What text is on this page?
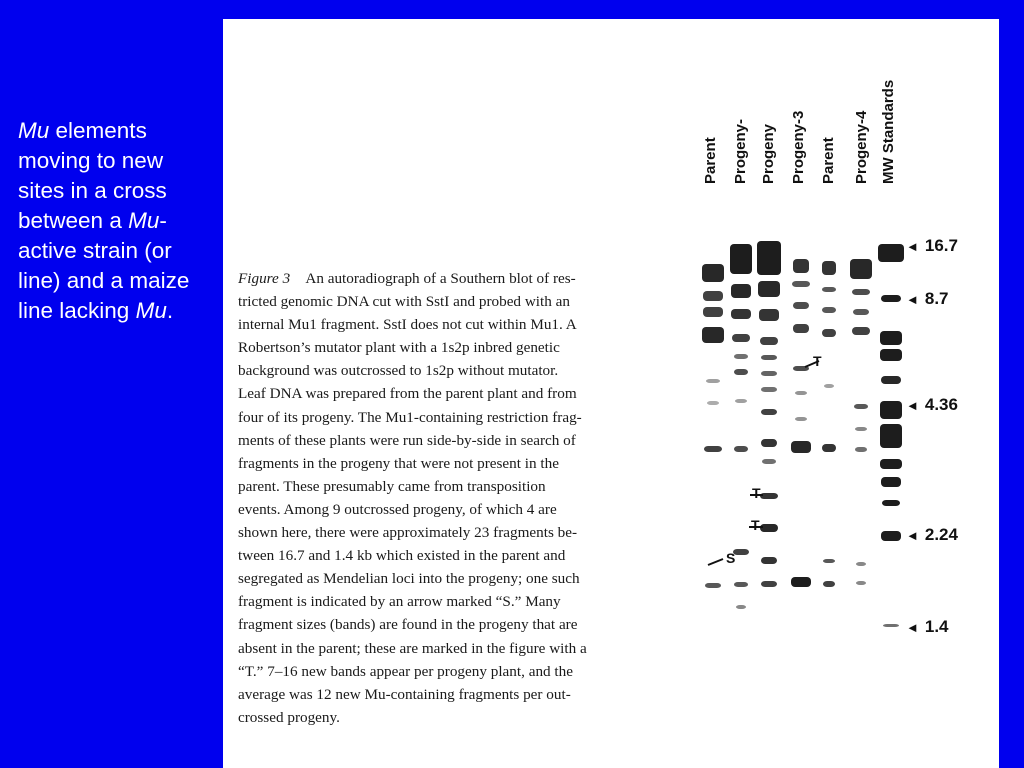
Mu elements moving to new sites in a cross between a Mu-active strain (or line) and a maize line lacking Mu.
Parent Progeny- Progeny Progeny-3 Parent Progeny-4 MW Standards
◄ 16.7
◄ 8.7
◄ 4.36
◄ 2.24
◄ 1.4
T
T
T
S
Figure 3 An autoradiograph of a Southern blot of res-
tricted genomic DNA cut with SstI and probed with an
internal Mu1 fragment. SstI does not cut within Mu1. A
Robertson’s mutator plant with a 1s2p inbred genetic
background was outcrossed to 1s2p without mutator.
Leaf DNA was prepared from the parent plant and from
four of its progeny. The Mu1-containing restriction frag-
ments of these plants were run side-by-side in search of
fragments in the progeny that were not present in the
parent. These presumably came from transposition
events. Among 9 outcrossed progeny, of which 4 are
shown here, there were approximately 23 fragments be-
tween 16.7 and 1.4 kb which existed in the parent and
segregated as Mendelian loci into the progeny; one such
fragment is indicated by an arrow marked “S.” Many
fragment sizes (bands) are found in the progeny that are
absent in the parent; these are marked in the figure with a
“T.” 7–16 new bands appear per progeny plant, and the
average was 12 new Mu-containing fragments per out-
crossed progeny.
